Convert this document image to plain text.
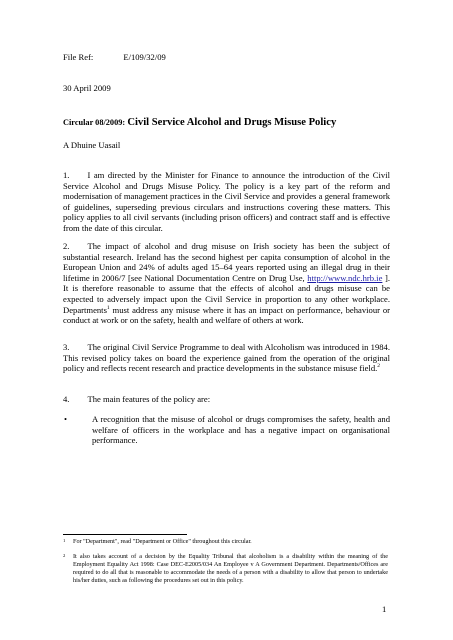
File Ref:	E/109/32/09

30 April 2009

Circular 08/2009: Civil Service Alcohol and Drugs Misuse Policy

A Dhuine Uasail

1. I am directed by the Minister for Finance to announce the introduction of the Civil Service Alcohol and Drugs Misuse Policy. The policy is a key part of the reform and modernisation of management practices in the Civil Service and provides a general framework of guidelines, superseding previous circulars and instructions covering these matters. This policy applies to all civil servants (including prison officers) and contract staff and is effective from the date of this circular.

2. The impact of alcohol and drug misuse on Irish society has been the subject of substantial research. Ireland has the second highest per capita consumption of alcohol in the European Union and 24% of adults aged 15–64 years reported using an illegal drug in their lifetime in 2006/7 [see National Documentation Centre on Drug Use, http://www.ndc.hrb.ie ]. It is therefore reasonable to assume that the effects of alcohol and drugs misuse can be expected to adversely impact upon the Civil Service in proportion to any other workplace. Departments$^1$ must address any misuse where it has an impact on performance, behaviour or conduct at work or on the safety, health and welfare of others at work.

3. The original Civil Service Programme to deal with Alcoholism was introduced in 1984. This revised policy takes on board the experience gained from the operation of the original policy and reflects recent research and practice developments in the substance misuse field.$^2$

4. The main features of the policy are:

•	A recognition that the misuse of alcohol or drugs compromises the safety, health and welfare of officers in the workplace and has a negative impact on organisational performance.
1	For "Department", read "Department or Office" throughout this circular.
2	It also takes account of a decision by the Equality Tribunal that alcoholism is a disability within the meaning of the Employment Equality Act 1998: Case DEC-E2005/034 An Employee v A Government Department. Departments/Offices are required to do all that is reasonable to accommodate the needs of a person with a disability to allow that person to undertake his/her duties, such as following the procedures set out in this policy.
1
